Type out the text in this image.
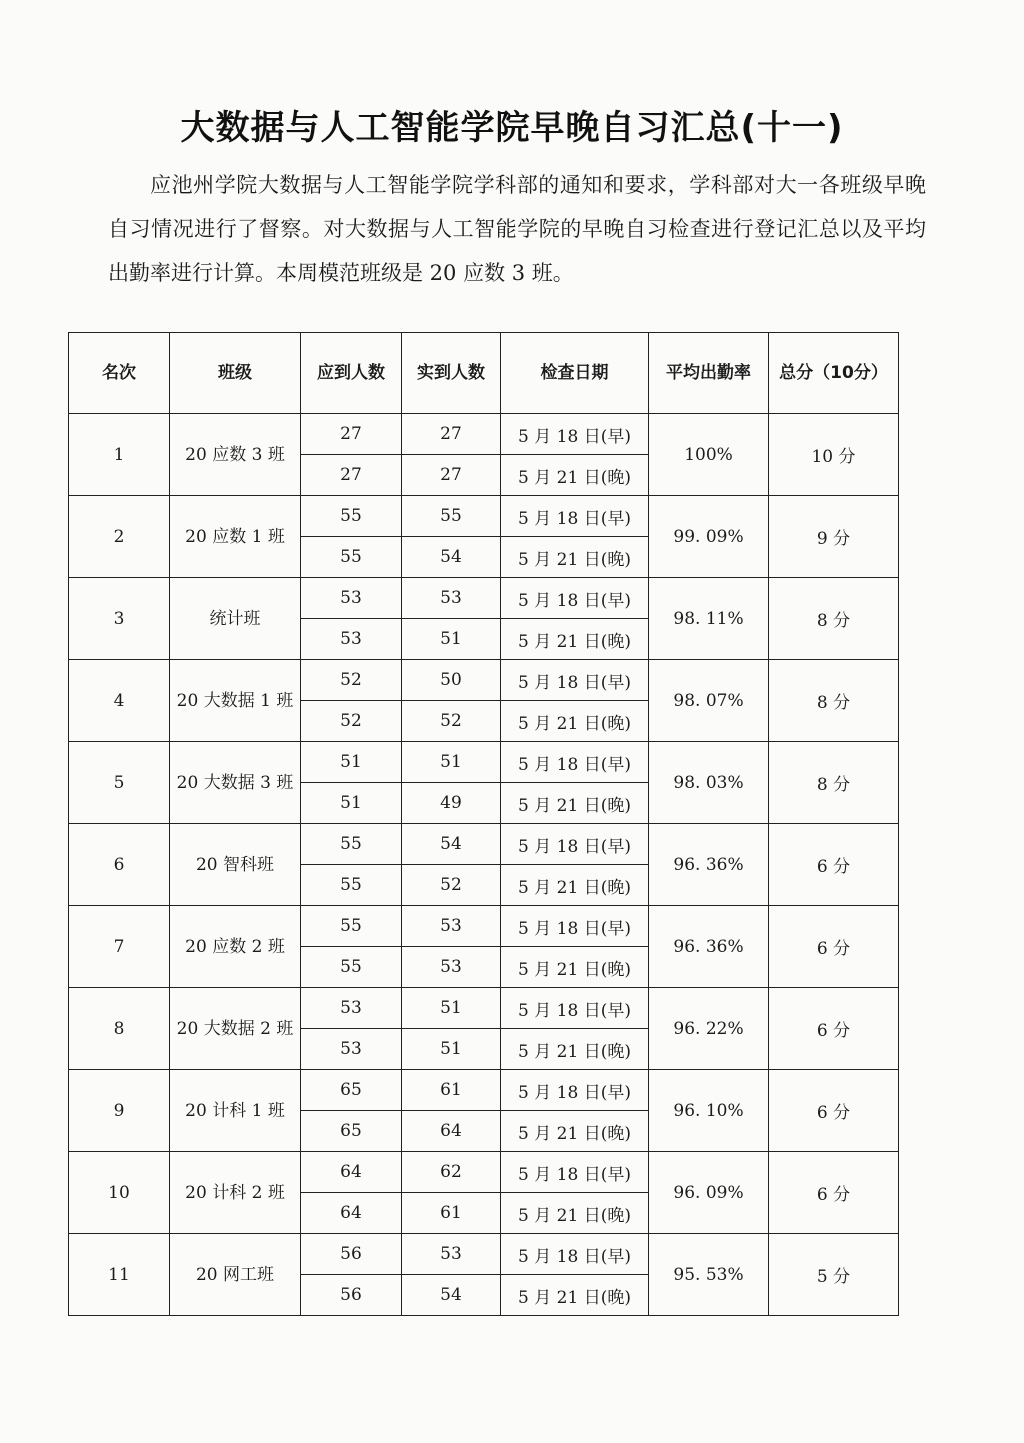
大数据与人工智能学院早晚自习汇总(十一)
应池州学院大数据与人工智能学院学科部的通知和要求，学科部对大一各班级早晚自习情况进行了督察。对大数据与人工智能学院的早晚自习检查进行登记汇总以及平均出勤率进行计算。本周模范班级是 20 应数 3 班。
名次	班级	应到人数	实到人数	检查日期	平均出勤率	总分（10分）
1	20 应数 3 班	27	27	5 月 18 日(早)	100%	10 分
		27	27	5 月 21 日(晚)		
2	20 应数 1 班	55	55	5 月 18 日(早)	99. 09%	9 分
		55	54	5 月 21 日(晚)		
3	统计班	53	53	5 月 18 日(早)	98. 11%	8 分
		53	51	5 月 21 日(晚)		
4	20 大数据 1 班	52	50	5 月 18 日(早)	98. 07%	8 分
		52	52	5 月 21 日(晚)		
5	20 大数据 3 班	51	51	5 月 18 日(早)	98. 03%	8 分
		51	49	5 月 21 日(晚)		
6	20 智科班	55	54	5 月 18 日(早)	96. 36%	6 分
		55	52	5 月 21 日(晚)		
7	20 应数 2 班	55	53	5 月 18 日(早)	96. 36%	6 分
		55	53	5 月 21 日(晚)		
8	20 大数据 2 班	53	51	5 月 18 日(早)	96. 22%	6 分
		53	51	5 月 21 日(晚)		
9	20 计科 1 班	65	61	5 月 18 日(早)	96. 10%	6 分
		65	64	5 月 21 日(晚)		
10	20 计科 2 班	64	62	5 月 18 日(早)	96. 09%	6 分
		64	61	5 月 21 日(晚)		
11	20 网工班	56	53	5 月 18 日(早)	95. 53%	5 分
		56	54	5 月 21 日(晚)		
